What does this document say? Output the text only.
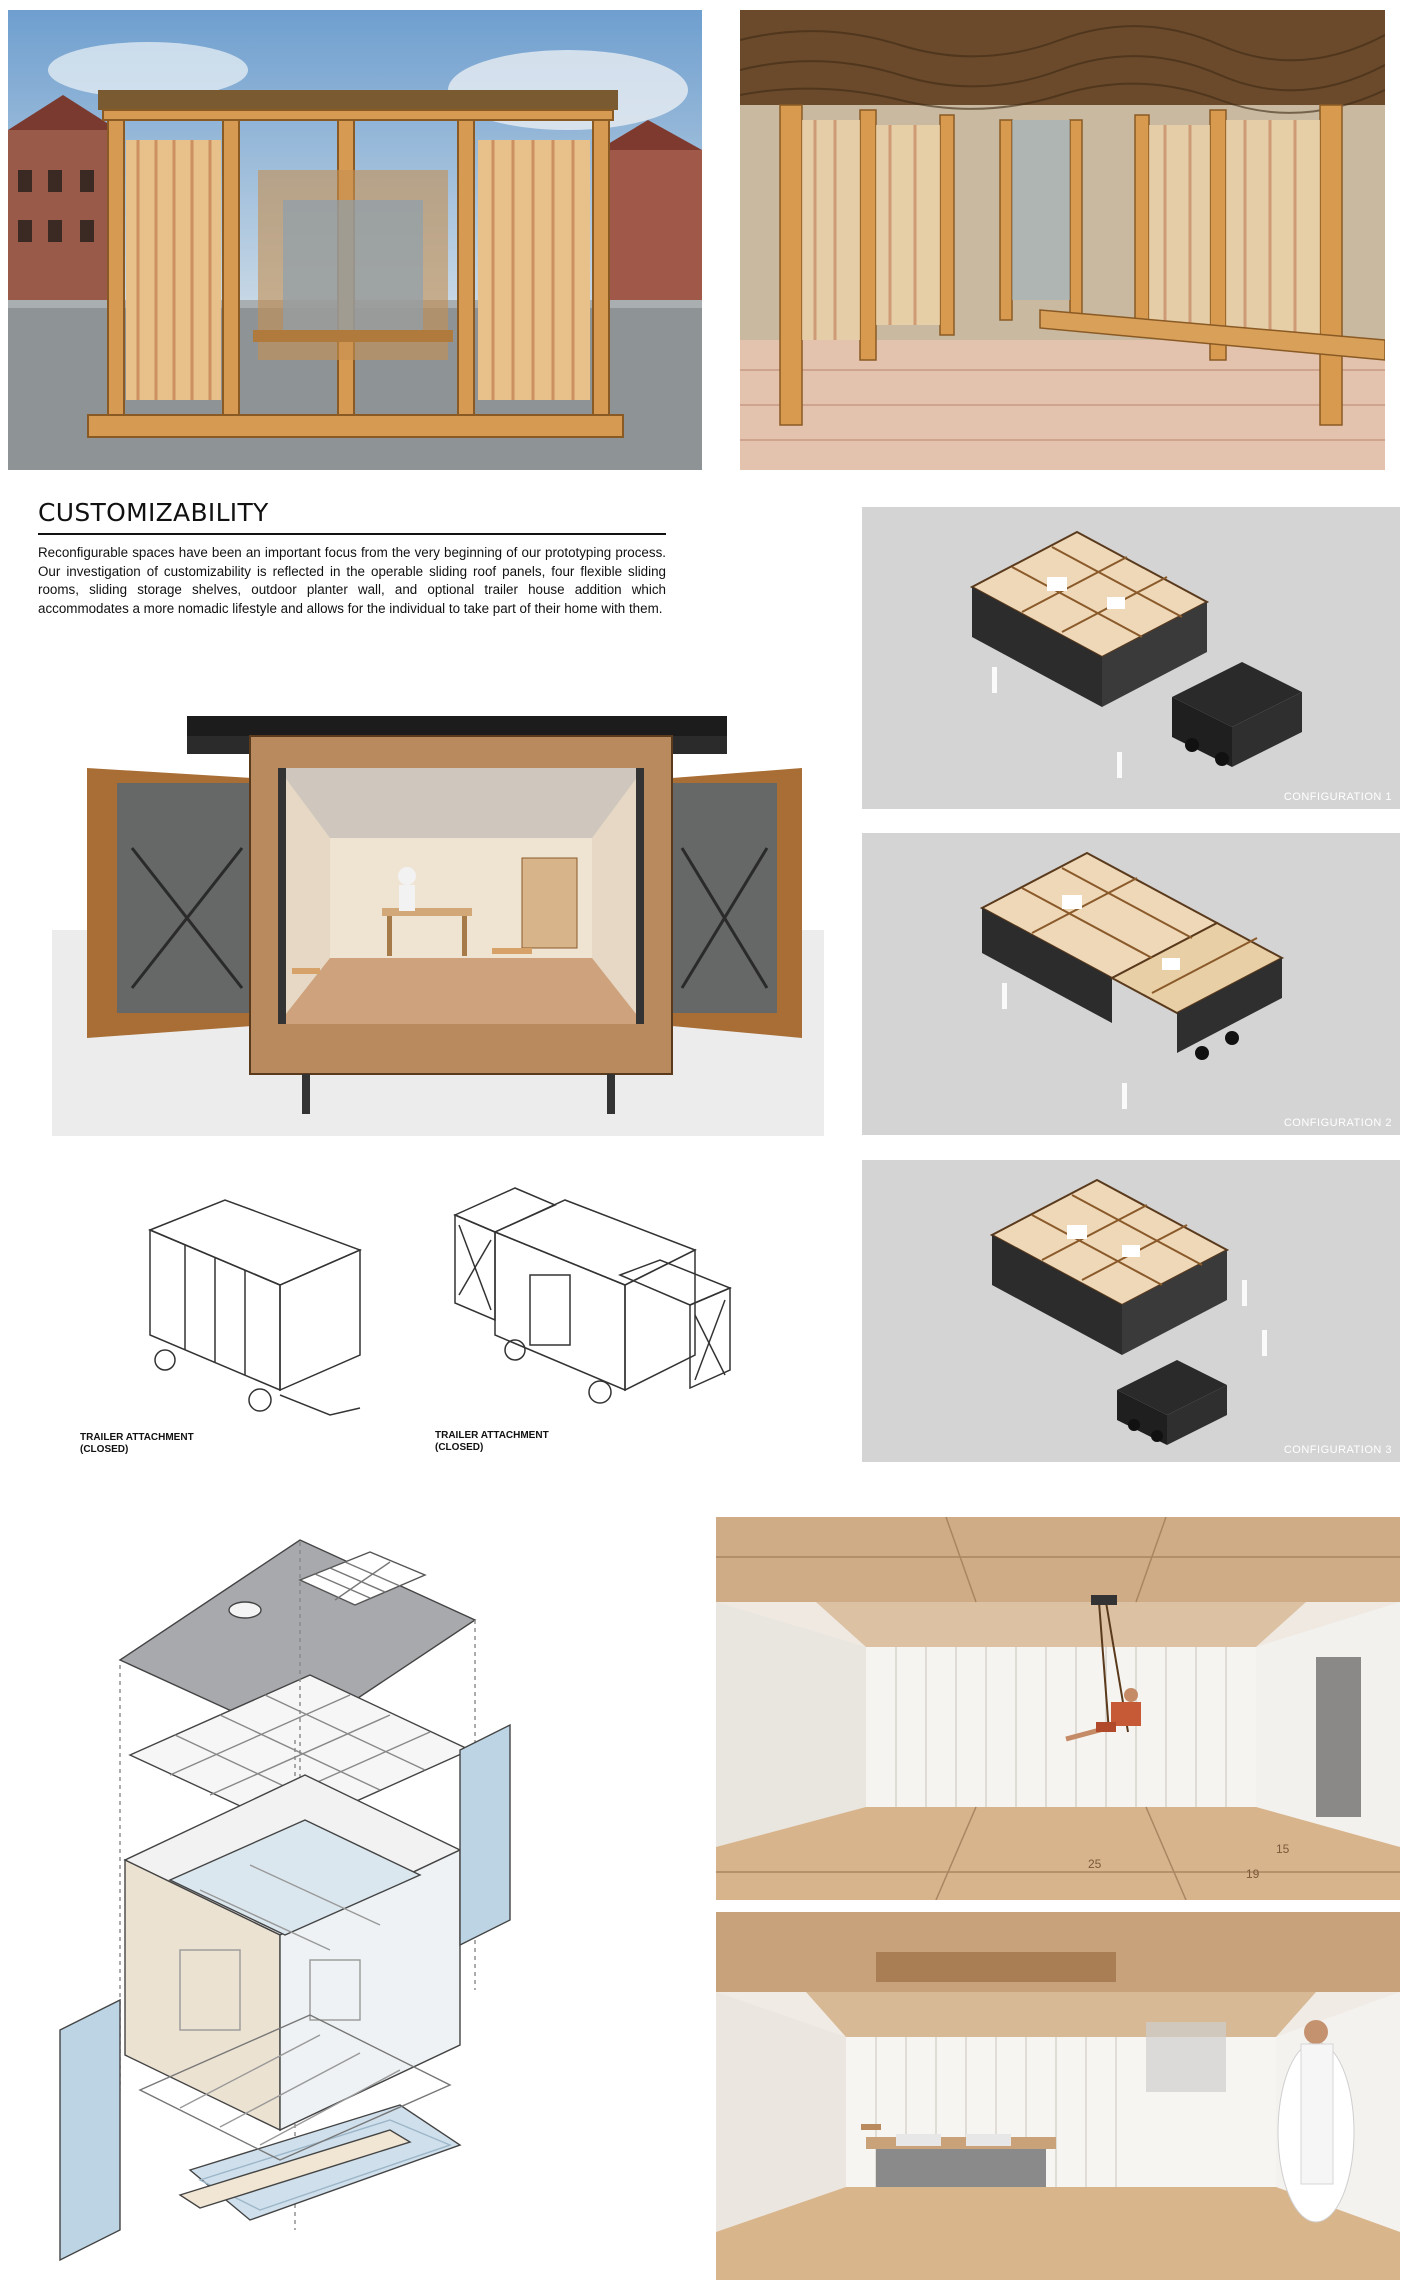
CUSTOMIZABILITY
Reconfigurable spaces have been an important focus from the very beginning of our prototyping process. Our investigation of customizability is reflected in the operable sliding roof panels, four flexible sliding rooms, sliding storage shelves, outdoor planter wall, and optional trailer house addition which accommodates a more nomadic lifestyle and allows for the individual to take part of their home with them.
CONFIGURATION 1
CONFIGURATION 2
CONFIGURATION 3
TRAILER ATTACHMENT
(CLOSED)
TRAILER ATTACHMENT
(CLOSED)
25
19
15
